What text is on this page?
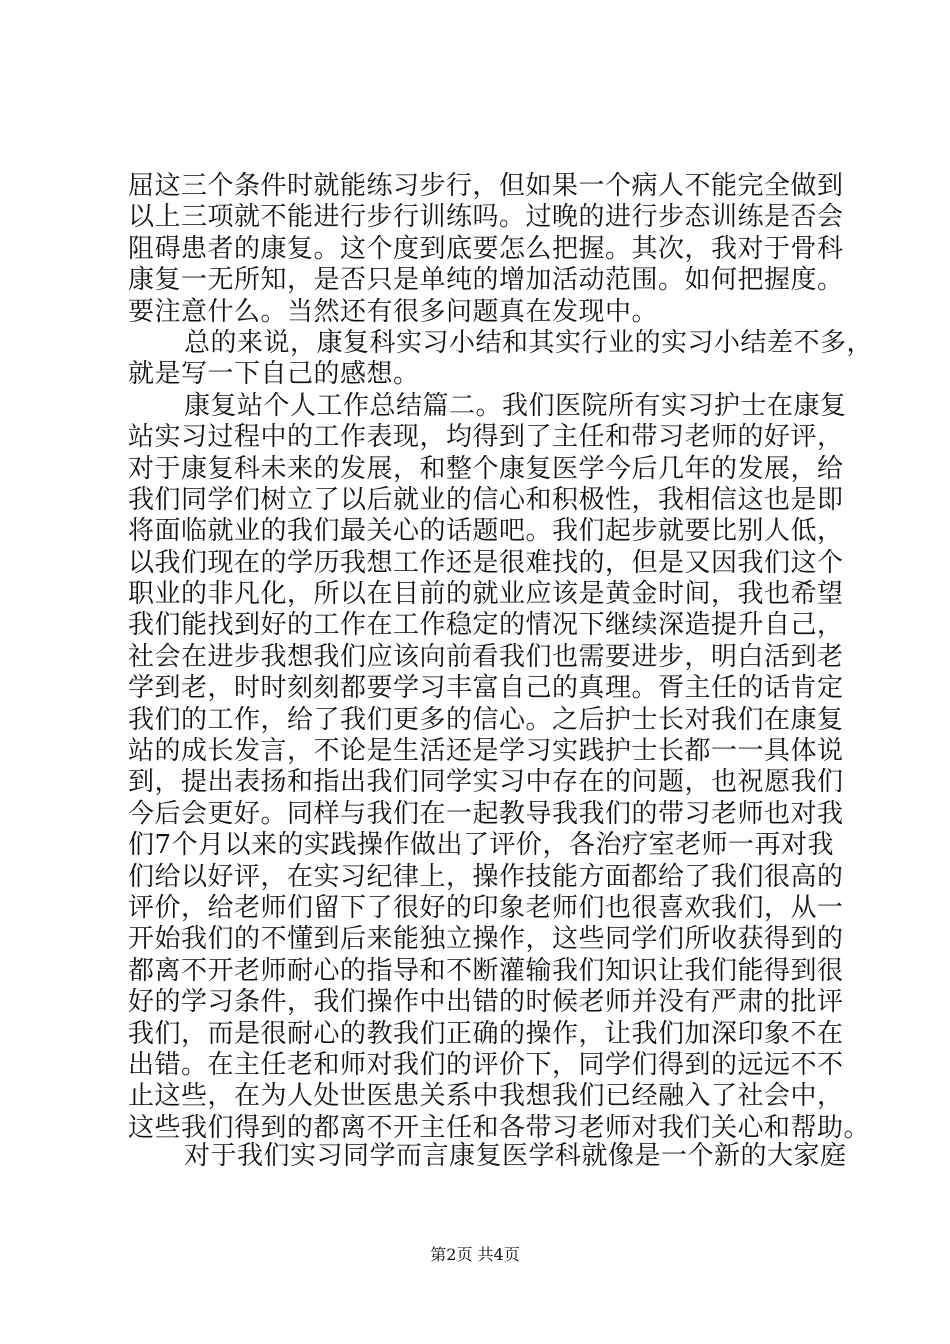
屈这三个条件时就能练习步行，但如果一个病人不能完全做到
以上三项就不能进行步行训练吗。过晚的进行步态训练是否会
阻碍患者的康复。这个度到底要怎么把握。其次，我对于骨科
康复一无所知，是否只是单纯的增加活动范围。如何把握度。
要注意什么。当然还有很多问题真在发现中。
总的来说，康复科实习小结和其实行业的实习小结差不多，
就是写一下自己的感想。
康复站个人工作总结篇二。我们医院所有实习护士在康复
站实习过程中的工作表现，均得到了主任和带习老师的好评，
对于康复科未来的发展，和整个康复医学今后几年的发展，给
我们同学们树立了以后就业的信心和积极性，我相信这也是即
将面临就业的我们最关心的话题吧。我们起步就要比别人低，
以我们现在的学历我想工作还是很难找的，但是又因我们这个
职业的非凡化，所以在目前的就业应该是黄金时间，我也希望
我们能找到好的工作在工作稳定的情况下继续深造提升自己，
社会在进步我想我们应该向前看我们也需要进步，明白活到老
学到老，时时刻刻都要学习丰富自己的真理。胥主任的话肯定
我们的工作，给了我们更多的信心。之后护士长对我们在康复
站的成长发言，不论是生活还是学习实践护士长都一一具体说
到，提出表扬和指出我们同学实习中存在的问题，也祝愿我们
今后会更好。同样与我们在一起教导我我们的带习老师也对我
们7个月以来的实践操作做出了评价，各治疗室老师一再对我
们给以好评，在实习纪律上，操作技能方面都给了我们很高的
评价，给老师们留下了很好的印象老师们也很喜欢我们，从一
开始我们的不懂到后来能独立操作，这些同学们所收获得到的
都离不开老师耐心的指导和不断灌输我们知识让我们能得到很
好的学习条件，我们操作中出错的时候老师并没有严肃的批评
我们，而是很耐心的教我们正确的操作，让我们加深印象不在
出错。在主任老和师对我们的评价下，同学们得到的远远不不
止这些，在为人处世医患关系中我想我们已经融入了社会中，
这些我们得到的都离不开主任和各带习老师对我们关心和帮助。
对于我们实习同学而言康复医学科就像是一个新的大家庭
第2页 共4页
